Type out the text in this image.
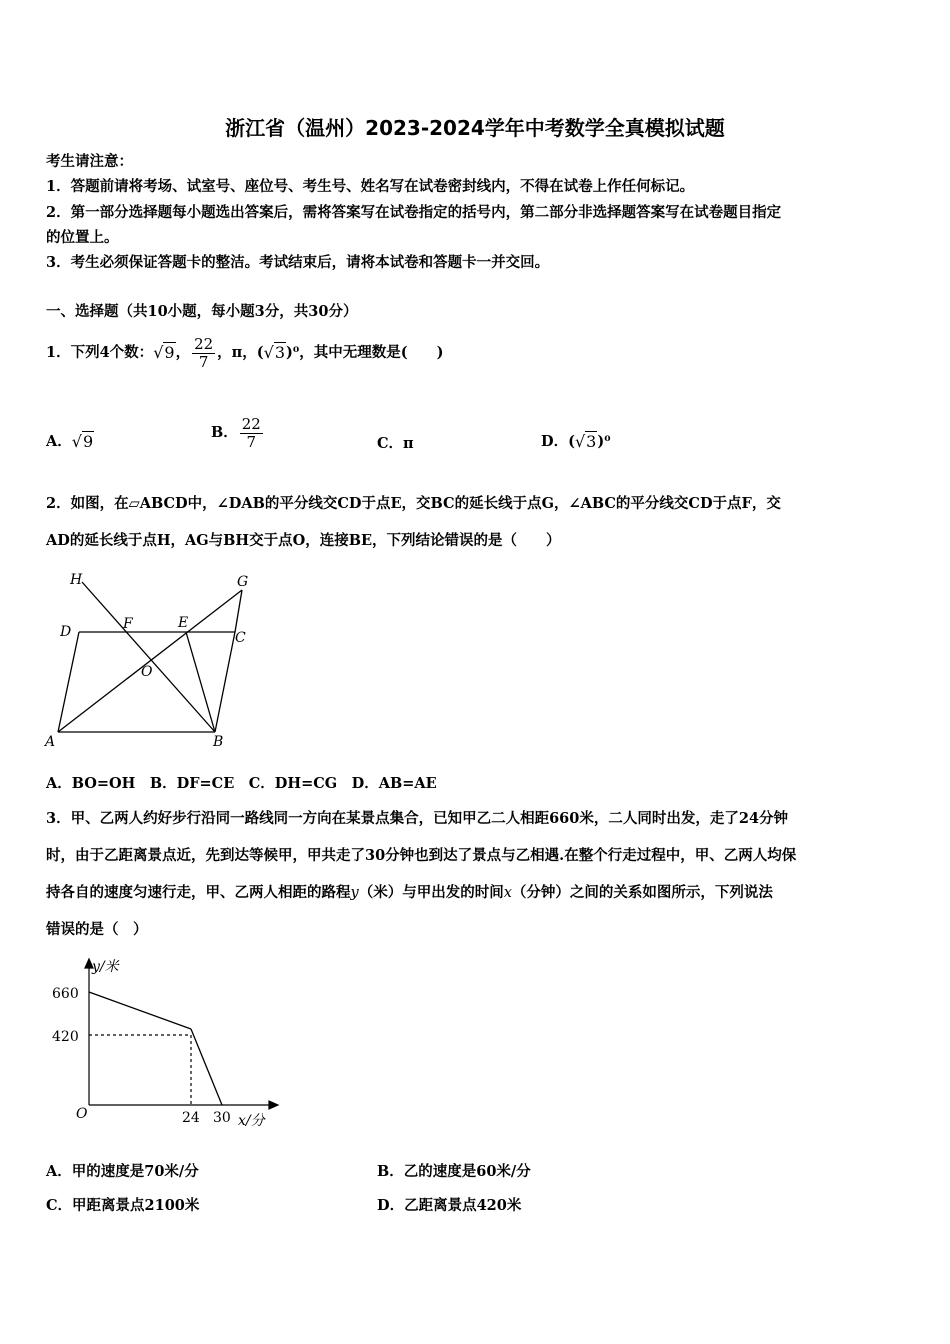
浙江省（温州）2023-2024学年中考数学全真模拟试题
考生请注意：
1．答题前请将考场、试室号、座位号、考生号、姓名写在试卷密封线内，不得在试卷上作任何标记。
2．第一部分选择题每小题选出答案后，需将答案写在试卷指定的括号内，第二部分非选择题答案写在试卷题目指定
的位置上。
3．考生必须保证答题卡的整洁。考试结束后，请将本试卷和答题卡一并交回。
一、选择题（共10小题，每小题3分，共30分）
1．下列4个数： √9 ， $\frac{22}{7}$ ，π，( √3 )⁰，其中无理数是(　　)
A． √9	B． $\frac{22}{7}$	C．π	D．( √3 )⁰
2．如图，在▱ABCD中，∠DAB的平分线交CD于点E，交BC的延长线于点G，∠ABC的平分线交CD于点F，交
AD的延长线于点H，AG与BH交于点O，连接BE，下列结论错误的是（　　）
H	G
D	F	E
C
O
A	B
A．BO=OH　B．DF=CE　C．DH=CG　D．AB=AE
3．甲、乙两人约好步行沿同一路线同一方向在某景点集合，已知甲乙二人相距660米，二人同时出发，走了24分钟
时，由于乙距离景点近，先到达等候甲，甲共走了30分钟也到达了景点与乙相遇.在整个行走过程中，甲、乙两人均保
持各自的速度匀速行走，甲、乙两人相距的路程y（米）与甲出发的时间x（分钟）之间的关系如图所示，下列说法
错误的是（　）
y/米
x/分
O
660
420
24 30
A．甲的速度是70米/分	B．乙的速度是60米/分
C．甲距离景点2100米	D．乙距离景点420米
